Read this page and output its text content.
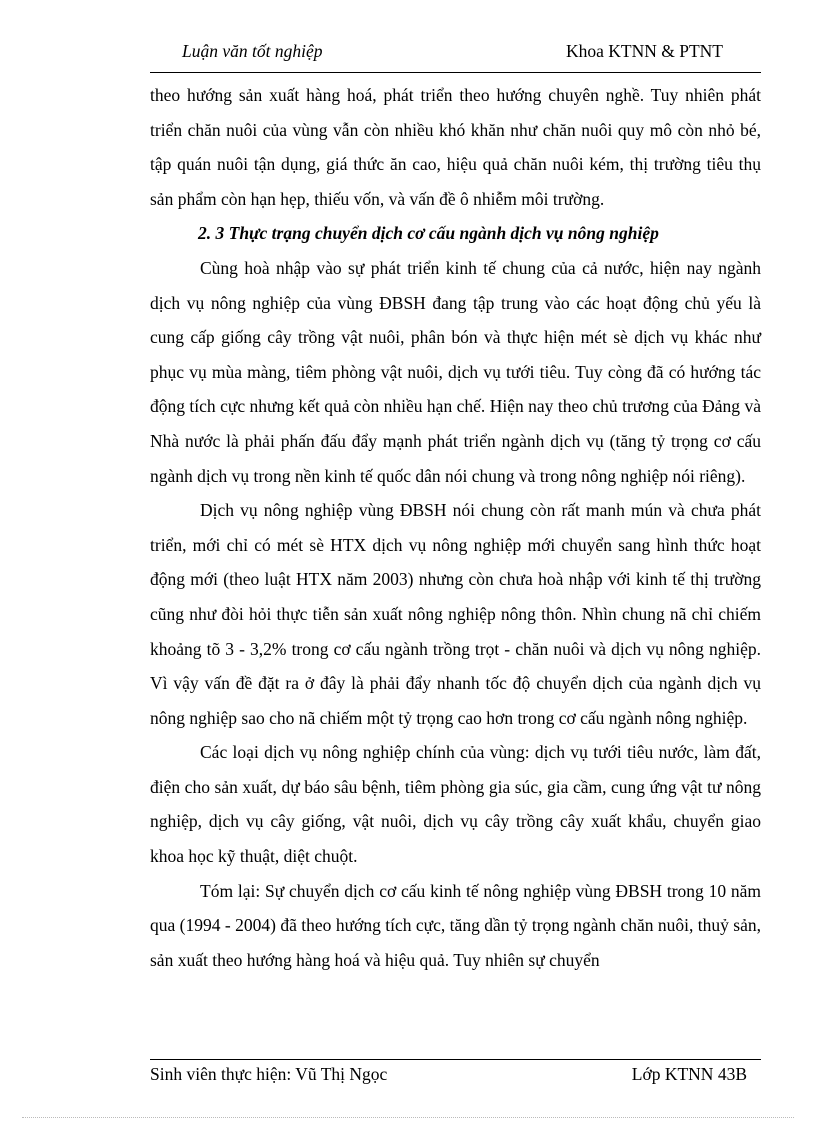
Luận văn tốt nghiệp	Khoa KTNN & PTNT

theo hướng sản xuất hàng hoá, phát triển theo hướng chuyên nghề. Tuy nhiên phát triển chăn nuôi của vùng vẫn còn nhiều khó khăn như chăn nuôi quy mô còn nhỏ bé, tập quán nuôi tận dụng, giá thức ăn cao, hiệu quả chăn nuôi kém, thị trường tiêu thụ sản phẩm còn hạn hẹp, thiếu vốn, và vấn đề ô nhiễm môi trường.

2. 3 Thực trạng chuyển dịch cơ cấu ngành dịch vụ nông nghiệp

Cùng hoà nhập vào sự phát triển kinh tế chung của cả nước, hiện nay ngành dịch vụ nông nghiệp của vùng ĐBSH đang tập trung vào các hoạt động chủ yếu là cung cấp giống cây trồng vật nuôi, phân bón và thực hiện mét sè dịch vụ khác như phục vụ mùa màng, tiêm phòng vật nuôi, dịch vụ tưới tiêu. Tuy còng đã có hướng tác động tích cực nhưng kết quả còn nhiều hạn chế. Hiện nay theo chủ trương của Đảng và Nhà nước là phải phấn đấu đẩy mạnh phát triển ngành dịch vụ (tăng tỷ trọng cơ cấu ngành dịch vụ trong nền kinh tế quốc dân nói chung và trong nông nghiệp nói riêng).

Dịch vụ nông nghiệp vùng ĐBSH nói chung còn rất manh mún và chưa phát triển, mới chỉ có mét sè HTX dịch vụ nông nghiệp mới chuyển sang hình thức hoạt động mới (theo luật HTX năm 2003) nhưng còn chưa hoà nhập với kinh tế thị trường cũng như đòi hỏi thực tiễn sản xuất nông nghiệp nông thôn. Nhìn chung nã chỉ chiếm khoảng tõ 3 - 3,2% trong cơ cấu ngành trồng trọt - chăn nuôi và dịch vụ nông nghiệp. Vì vậy vấn đề đặt ra ở đây là phải đẩy nhanh tốc độ chuyển dịch của ngành dịch vụ nông nghiệp sao cho nã chiếm một tỷ trọng cao hơn trong cơ cấu ngành nông nghiệp.

Các loại dịch vụ nông nghiệp chính của vùng: dịch vụ tưới tiêu nước, làm đất, điện cho sản xuất, dự báo sâu bệnh, tiêm phòng gia súc, gia cầm, cung ứng vật tư nông nghiệp, dịch vụ cây giống, vật nuôi, dịch vụ cây trồng cây xuất khẩu, chuyển giao khoa học kỹ thuật, diệt chuột.

Tóm lại: Sự chuyển dịch cơ cấu kinh tế nông nghiệp vùng ĐBSH trong 10 năm qua (1994 - 2004) đã theo hướng tích cực, tăng dần tỷ trọng ngành chăn nuôi, thuỷ sản, sản xuất theo hướng hàng hoá và hiệu quả. Tuy nhiên sự chuyển

Sinh viên thực hiện: Vũ Thị Ngọc	Lớp KTNN 43B
